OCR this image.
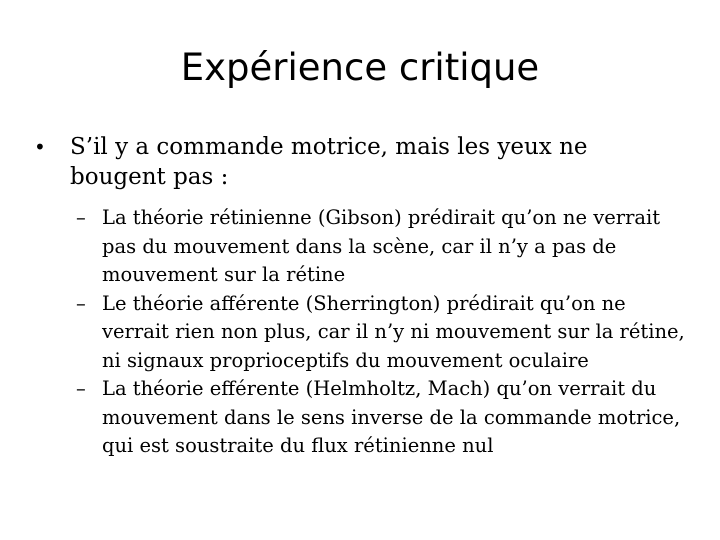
Expérience critique
•	S’il y a commande motrice, mais les yeux ne bougent pas :
– La théorie rétinienne (Gibson) prédirait qu’on ne verrait pas du mouvement dans la scène, car il n’y a pas de mouvement sur la rétine
– Le théorie afférente (Sherrington) prédirait qu’on ne verrait rien non plus, car il n’y ni mouvement sur la rétine, ni signaux proprioceptifs du mouvement oculaire
– La théorie efférente (Helmholtz, Mach) qu’on verrait du mouvement dans le sens inverse de la commande motrice, qui est soustraite du flux rétinienne nul
